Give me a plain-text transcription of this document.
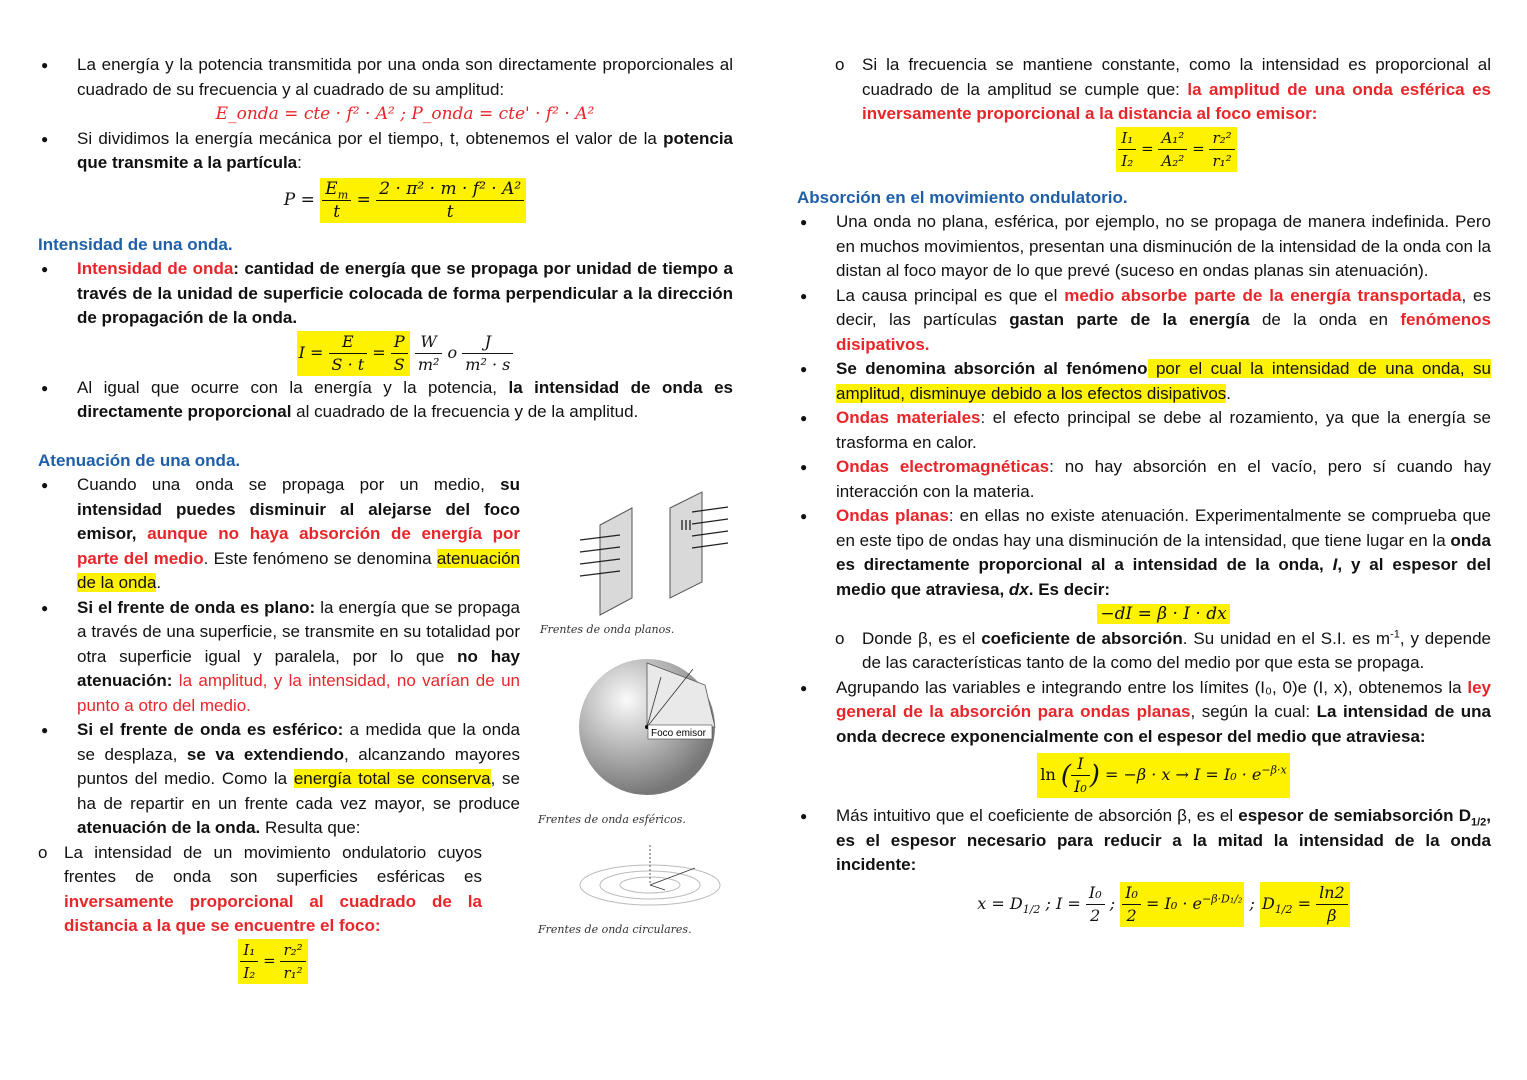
● La energía y la potencia transmitida por una onda son directamente proporcionales al cuadrado de su frecuencia y al cuadrado de su amplitud:
E_onda = cte · f² · A² ; P_onda = cte' · f² · A²
● Si dividimos la energía mecánica por el tiempo, t, obtenemos el valor de la potencia que transmite a la partícula:
$P = \frac{E_m}{t} = \frac{\text{2 · π² · m · f² · A²}}{t}$

Intensidad de una onda.

● Intensidad de onda: cantidad de energía que se propaga por unidad de tiempo a través de la unidad de superficie colocada de forma perpendicular a la dirección de propagación de la onda.
$I = \frac{E}{S \cdot t} = \frac{P}{S}$
$\frac{W}{\text{m²}}$ o $\frac{J}{\text{m² · s}}$
● Al igual que ocurre con la energía y la potencia, la intensidad de onda es directamente proporcional al cuadrado de la frecuencia y de la amplitud.

Atenuación de una onda.

● Cuando una onda se propaga por un medio, su intensidad puedes disminuir al alejarse del foco emisor, aunque no haya absorción de energía por parte del medio. Este fenómeno se denomina atenuación de la onda.
● Si el frente de onda es plano: la energía que se propaga a través de una superficie, se transmite en su totalidad por otra superficie igual y paralela, por lo que no hay atenuación: la amplitud, y la intensidad, no varían de un punto a otro del medio.
● Si el frente de onda es esférico: a medida que la onda se desplaza, se va extendiendo, alcanzando mayores puntos del medio. Como la energía total se conserva, se ha de repartir en un frente cada vez mayor, se produce atenuación de la onda. Resulta que:
o La intensidad de un movimiento ondulatorio cuyos frentes de onda son superficies esféricas es inversamente proporcional al cuadrado de la distancia a la que se encuentre el foco:
$\frac{\text{I₁}}{\text{I₂}} = \frac{\text{r₂²}}{\text{r₁²}}$
Frentes de onda planos.
Foco emisor
Frentes de onda esféricos.
Frentes de onda circulares.
o Si la frecuencia se mantiene constante, como la intensidad es proporcional al cuadrado de la amplitud se cumple que: la amplitud de una onda esférica es inversamente proporcional a la distancia al foco emisor:
$\frac{\text{I₁}}{\text{I₂}} = \frac{\text{A₁²}}{\text{A₂²}} = \frac{\text{r₂²}}{\text{r₁²}}$

Absorción en el movimiento ondulatorio.

● Una onda no plana, esférica, por ejemplo, no se propaga de manera indefinida. Pero en muchos movimientos, presentan una disminución de la intensidad de la onda con la distan al foco mayor de lo que prevé (suceso en ondas planas sin atenuación).
● La causa principal es que el medio absorbe parte de la energía transportada, es decir, las partículas gastan parte de la energía de la onda en fenómenos disipativos.
● Se denomina absorción al fenómeno por el cual la intensidad de una onda, su amplitud, disminuye debido a los efectos disipativos.
● Ondas materiales: el efecto principal se debe al rozamiento, ya que la energía se trasforma en calor.
● Ondas electromagnéticas: no hay absorción en el vacío, pero sí cuando hay interacción con la materia.
● Ondas planas: en ellas no existe atenuación. Experimentalmente se comprueba que en este tipo de ondas hay una disminución de la intensidad, que tiene lugar en la onda es directamente proporcional al a intensidad de la onda, I, y al espesor del medio que atraviesa, dx. Es decir:
−dI = β · I · dx
o Donde β, es el coeficiente de absorción. Su unidad en el S.I. es $m^{-1}$, y depende de las características tanto de la como del medio por que esta se propaga.
● Agrupando las variables e integrando entre los límites (I₀, 0)e (I, x), obtenemos la ley general de la absorción para ondas planas, según la cual: La intensidad de una onda decrece exponencialmente con el espesor del medio que atraviesa:
ln ( $\frac{I}{\text{I₀}}$ ) = $-\beta \cdot x \to I = I_0 \cdot e^{-\beta\cdot x}$
● Más intuitivo que el coeficiente de absorción β, es el espesor de semiabsorción $D_{1/2}$, es el espesor necesario para reducir a la mitad la intensidad de la onda incidente:
$x = D_{1/2}$ ; $I = \frac{\text{I₀}}{2}$ ; $\frac{\text{I₀}}{2} = I_0 \cdot e^{-\beta\cdot D_1/_2}$ ; $D_{1/2} = \frac{\ln 2}{\beta}$
